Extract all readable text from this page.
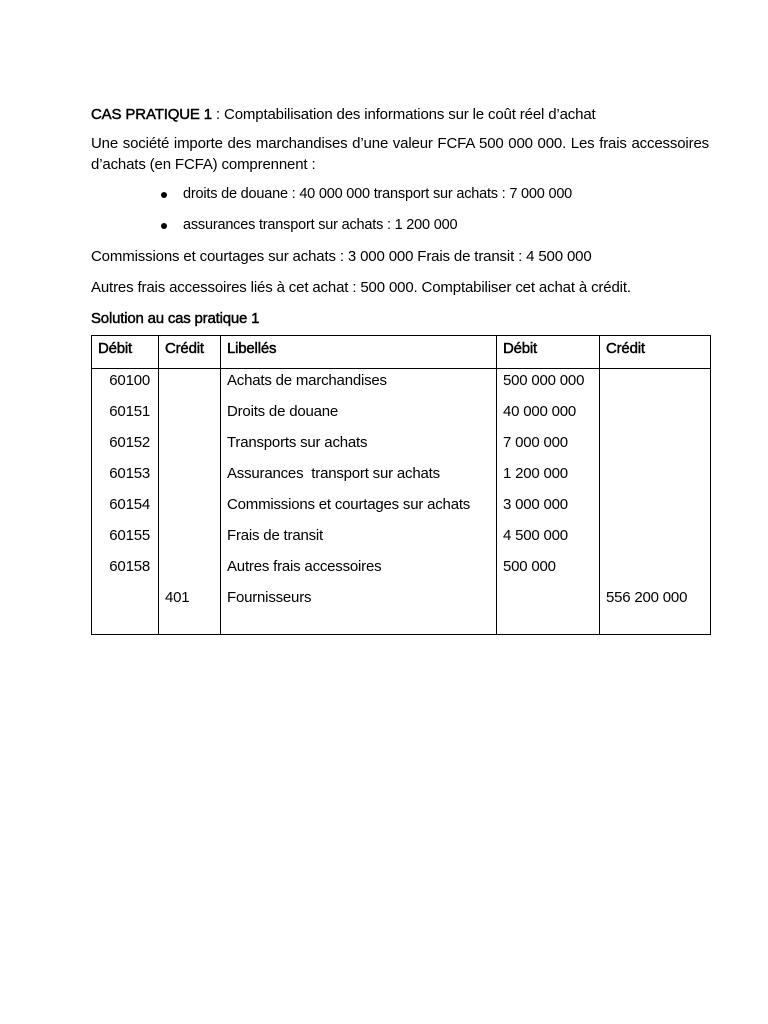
CAS PRATIQUE 1 : Comptabilisation des informations sur le coût réel d’achat

Une société importe des marchandises d’une valeur FCFA 500 000 000. Les frais accessoires d’achats (en FCFA) comprennent :

droits de douane : 40 000 000 transport sur achats : 7 000 000
assurances transport sur achats : 1 200 000

Commissions et courtages sur achats : 3 000 000 Frais de transit : 4 500 000

Autres frais accessoires liés à cet achat : 500 000. Comptabiliser cet achat à crédit.

Solution au cas pratique 1

Débit	Crédit	Libellés	Débit	Crédit
60100		Achats de marchandises	500 000 000	
60151		Droits de douane	40 000 000	
60152		Transports sur achats	7 000 000	
60153		Assurances  transport sur achats	1 200 000	
60154		Commissions et courtages sur achats	3 000 000	
60155		Frais de transit	4 500 000	
60158		Autres frais accessoires	500 000	
	401	Fournisseurs		556 200 000
